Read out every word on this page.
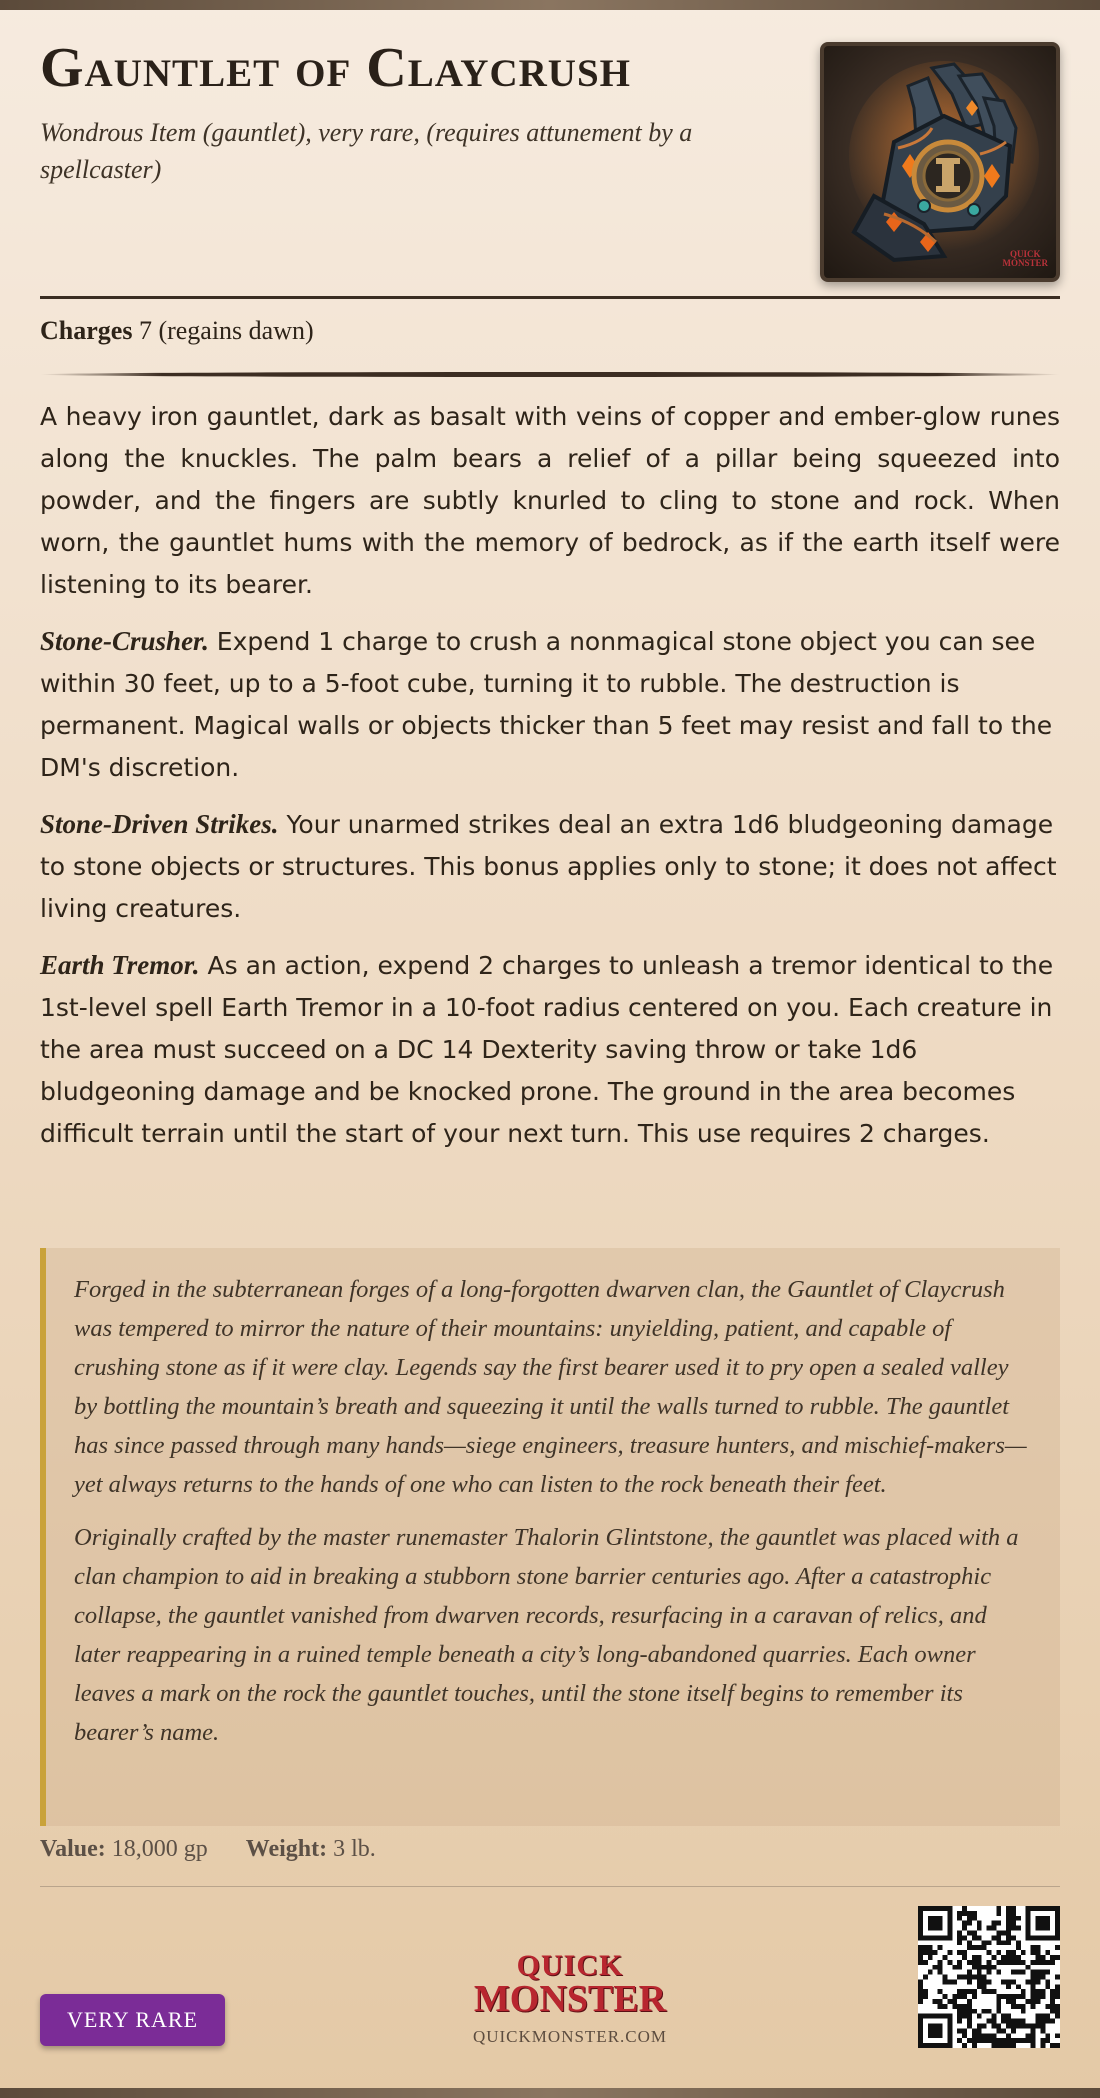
Gauntlet of Claycrush
Wondrous Item (gauntlet), very rare, (requires attunement by a spellcaster)
QUICK
MONSTER
Charges 7 (regains dawn)

A heavy iron gauntlet, dark as basalt with veins of copper and ember-glow runes along the knuckles. The palm bears a relief of a pillar being squeezed into powder, and the fingers are subtly knurled to cling to stone and rock. When worn, the gauntlet hums with the memory of bedrock, as if the earth itself were listening to its bearer.

Stone-Crusher. Expend 1 charge to crush a nonmagical stone object you can see within 30 feet, up to a 5-foot cube, turning it to rubble. The destruction is permanent. Magical walls or objects thicker than 5 feet may resist and fall to the DM's discretion.

Stone-Driven Strikes. Your unarmed strikes deal an extra 1d6 bludgeoning damage to stone objects or structures. This bonus applies only to stone; it does not affect living creatures.

Earth Tremor. As an action, expend 2 charges to unleash a tremor identical to the 1st-level spell Earth Tremor in a 10-foot radius centered on you. Each creature in the area must succeed on a DC 14 Dexterity saving throw or take 1d6 bludgeoning damage and be knocked prone. The ground in the area becomes difficult terrain until the start of your next turn. This use requires 2 charges.

Forged in the subterranean forges of a long-forgotten dwarven clan, the Gauntlet of Claycrush was tempered to mirror the nature of their mountains: unyielding, patient, and capable of crushing stone as if it were clay. Legends say the first bearer used it to pry open a sealed valley by bottling the mountain’s breath and squeezing it until the walls turned to rubble. The gauntlet has since passed through many hands—siege engineers, treasure hunters, and mischief-makers—yet always returns to the hands of one who can listen to the rock beneath their feet.

Originally crafted by the master runemaster Thalorin Glintstone, the gauntlet was placed with a clan champion to aid in breaking a stubborn stone barrier centuries ago. After a catastrophic collapse, the gauntlet vanished from dwarven records, resurfacing in a caravan of relics, and later reappearing in a ruined temple beneath a city’s long-abandoned quarries. Each owner leaves a mark on the rock the gauntlet touches, until the stone itself begins to remember its bearer’s name.

Value: 18,000 gp Weight: 3 lb.
VERY RARE
QUICK
MONSTER
QUICKMONSTER.COM
